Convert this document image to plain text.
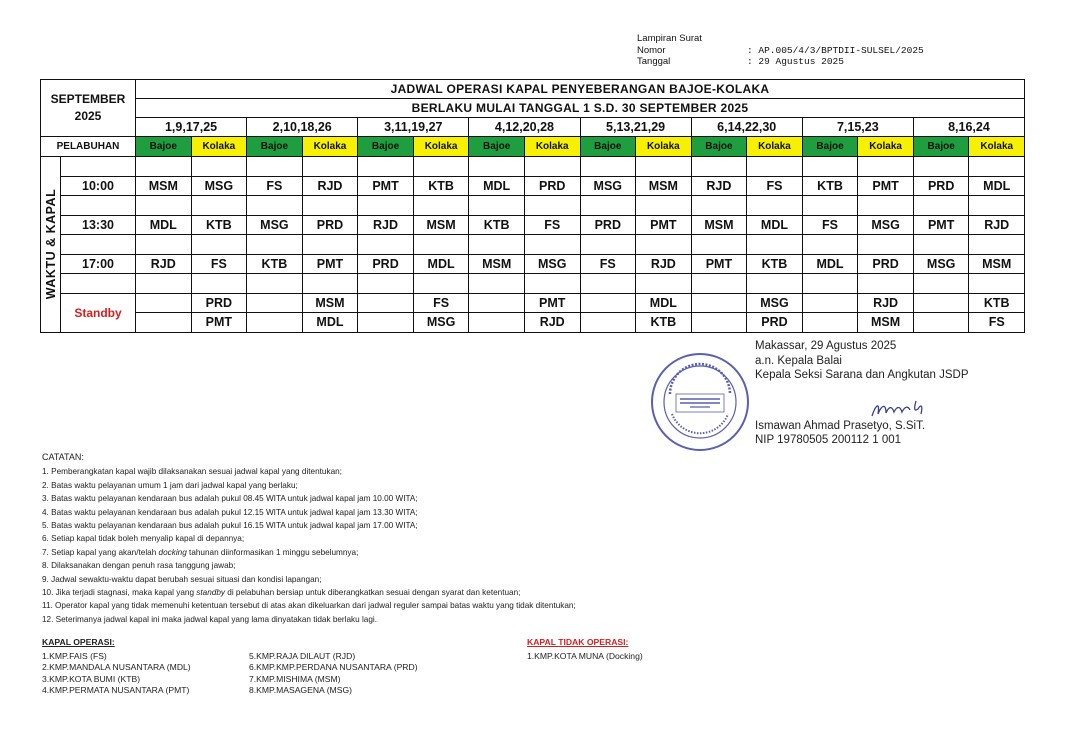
Lampiran Surat
Nomor	: AP.005/4/3/BPTDII-SULSEL/2025
Tanggal	: 29 Agustus 2025
SEPTEMBER
2025		JADWAL OPERASI KAPAL PENYEBERANGAN BAJOE-KOLAKA															
		BERLAKU MULAI TANGGAL 1 S.D. 30 SEPTEMBER 2025															
		1,9,17,25		2,10,18,26		3,11,19,27		4,12,20,28		5,13,21,29		6,14,22,30		7,15,23		8,16,24	
PELABUHAN		Bajoe	Kolaka	Bajoe	Kolaka	Bajoe	Kolaka	Bajoe	Kolaka	Bajoe	Kolaka	Bajoe	Kolaka	Bajoe	Kolaka	Bajoe	Kolaka

WAKTU & KAPAL																	

	10:00	MSM	MSG	FS	RJD	PMT	KTB	MDL	PRD	MSG	MSM	RJD	FS	KTB	PMT	PRD	MDL

	13:30	MDL	KTB	MSG	PRD	RJD	MSM	KTB	FS	PRD	PMT	MSM	MDL	FS	MSG	PMT	RJD

	17:00	RJD	FS	KTB	PMT	PRD	MDL	MSM	MSG	FS	RJD	PMT	KTB	MDL	PRD	MSG	MSM

	Standby		PRD		MSM		FS		PMT		MDL		MSG		RJD		KTB
			PMT		MDL		MSG		RJD		KTB		PRD		MSM		FS
Makassar, 29 Agustus 2025
a.n. Kepala Balai
Kepala Seksi Sarana dan Angkutan JSDP
Ismawan Ahmad Prasetyo, S.SiT.
NIP 19780505 200112 1 001
CATATAN:
1. Pemberangkatan kapal wajib dilaksanakan sesuai jadwal kapal yang ditentukan;
2. Batas waktu pelayanan umum 1 jam dari jadwal kapal yang berlaku;
3. Batas waktu pelayanan kendaraan bus adalah pukul 08.45 WITA untuk jadwal kapal jam 10.00 WITA;
4. Batas waktu pelayanan kendaraan bus adalah pukul 12.15 WITA untuk jadwal kapal jam 13.30 WITA;
5. Batas waktu pelayanan kendaraan bus adalah pukul 16.15 WITA untuk jadwal kapal jam 17.00 WITA;
6. Setiap kapal tidak boleh menyalip kapal di depannya;
7. Setiap kapal yang akan/telah docking tahunan diinformasikan 1 minggu sebelumnya;
8. Dilaksanakan dengan penuh rasa tanggung jawab;
9. Jadwal sewaktu-waktu dapat berubah sesuai situasi dan kondisi lapangan;
10. Jika terjadi stagnasi, maka kapal yang standby di pelabuhan bersiap untuk diberangkatkan sesuai dengan syarat dan ketentuan;
11. Operator kapal yang tidak memenuhi ketentuan tersebut di atas akan dikeluarkan dari jadwal reguler sampai batas waktu yang tidak ditentukan;
12. Seterimanya jadwal kapal ini maka jadwal kapal yang lama dinyatakan tidak berlaku lagi.
KAPAL OPERASI:
1.KMP.FAIS (FS)
2.KMP.MANDALA NUSANTARA (MDL)
3.KMP.KOTA BUMI (KTB)
4.KMP.PERMATA NUSANTARA (PMT)
5.KMP.RAJA DILAUT (RJD)
6.KMP.KMP.PERDANA NUSANTARA (PRD)
7.KMP.MISHIMA (MSM)
8.KMP.MASAGENA (MSG)
KAPAL TIDAK OPERASI:
1.KMP.KOTA MUNA (Docking)
